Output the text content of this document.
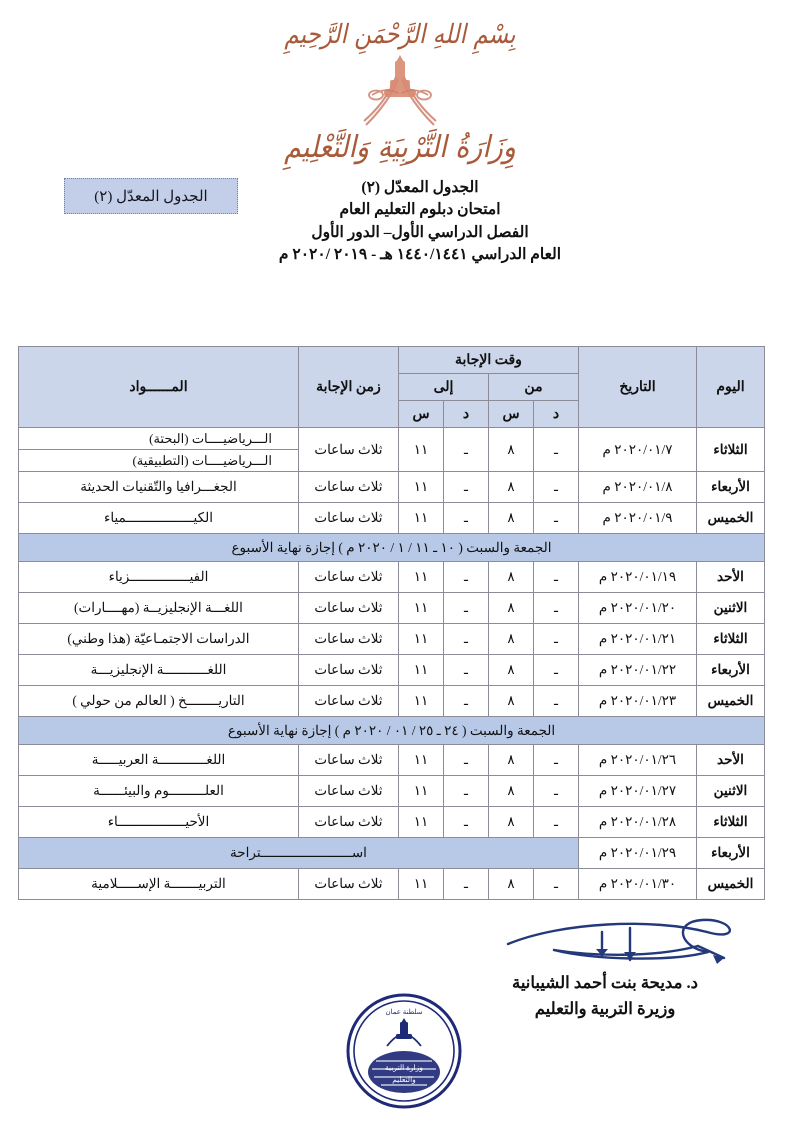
بِسْمِ اللهِ الرَّحْمَنِ الرَّحِيمِ
وِزَارَةُ التَّرْبِيَةِ وَالتَّعْلِيمِ
الجدول المعدّل (٢)
الجدول المعدّل (٢)
امتحان دبلوم التعليم العام
الفصل الدراسي الأول– الدور الأول
العام الدراسي ١٤٤٠/١٤٤١ هـ - ٢٠١٩ /٢٠٢٠ م
اليوم	التاريخ	وقت الإجابة				زمن الإجابة	المــــــواد
		من		إلى			
		د	س	د	س		
الثلاثاء	٢٠٢٠/٠١/٧ م	ـ	٨	ـ	١١	ثلاث ساعات	الـــرياضيــــات (البحتة)
الـــرياضيــــات (التطبيقية)

الأربعاء	٢٠٢٠/٠١/٨ م	ـ	٨	ـ	١١	ثلاث ساعات	الجغـــرافيا والتّقنيات الحديثة
الخميس	٢٠٢٠/٠١/٩ م	ـ	٨	ـ	١١	ثلاث ساعات	الكيـــــــــــــــــمياء
الجمعة والسبت ( ١٠ ـ ١١ / ١ / ٢٠٢٠ م ) إجازة نهاية الأسبوع							
الأحد	٢٠٢٠/٠١/١٩ م	ـ	٨	ـ	١١	ثلاث ساعات	الفيـــــــــــــــزياء
الاثنين	٢٠٢٠/٠١/٢٠ م	ـ	٨	ـ	١١	ثلاث ساعات	اللغـــة الإنجليزيــة (مهــــارات)
الثلاثاء	٢٠٢٠/٠١/٢١ م	ـ	٨	ـ	١١	ثلاث ساعات	الدراسات الاجتمـاعيّة (هذا وطني)
الأربعاء	٢٠٢٠/٠١/٢٢ م	ـ	٨	ـ	١١	ثلاث ساعات	اللغـــــــــــة الإنجليزيـــة
الخميس	٢٠٢٠/٠١/٢٣ م	ـ	٨	ـ	١١	ثلاث ساعات	التاريــــــــخ ( العالم من حولي )
الجمعة والسبت ( ٢٤ ـ ٢٥ / ٠١ / ٢٠٢٠ م ) إجازة نهاية الأسبوع							
الأحد	٢٠٢٠/٠١/٢٦ م	ـ	٨	ـ	١١	ثلاث ساعات	اللغــــــــــــة العربيـــــة
الاثنين	٢٠٢٠/٠١/٢٧ م	ـ	٨	ـ	١١	ثلاث ساعات	العلـــــــــوم والبيئــــــة
الثلاثاء	٢٠٢٠/٠١/٢٨ م	ـ	٨	ـ	١١	ثلاث ساعات	الأحيـــــــــــــــــاء
الأربعاء	٢٠٢٠/٠١/٢٩ م	اســـــــــــــــــــــــتراحة					
الخميس	٢٠٢٠/٠١/٣٠ م	ـ	٨	ـ	١١	ثلاث ساعات	التربيـــــــة الإســـــلامية
د. مديحة بنت أحمد الشيبانية
وزيرة التربية والتعليم
سلطنة عمان
وزارة التربية
والتعليم
